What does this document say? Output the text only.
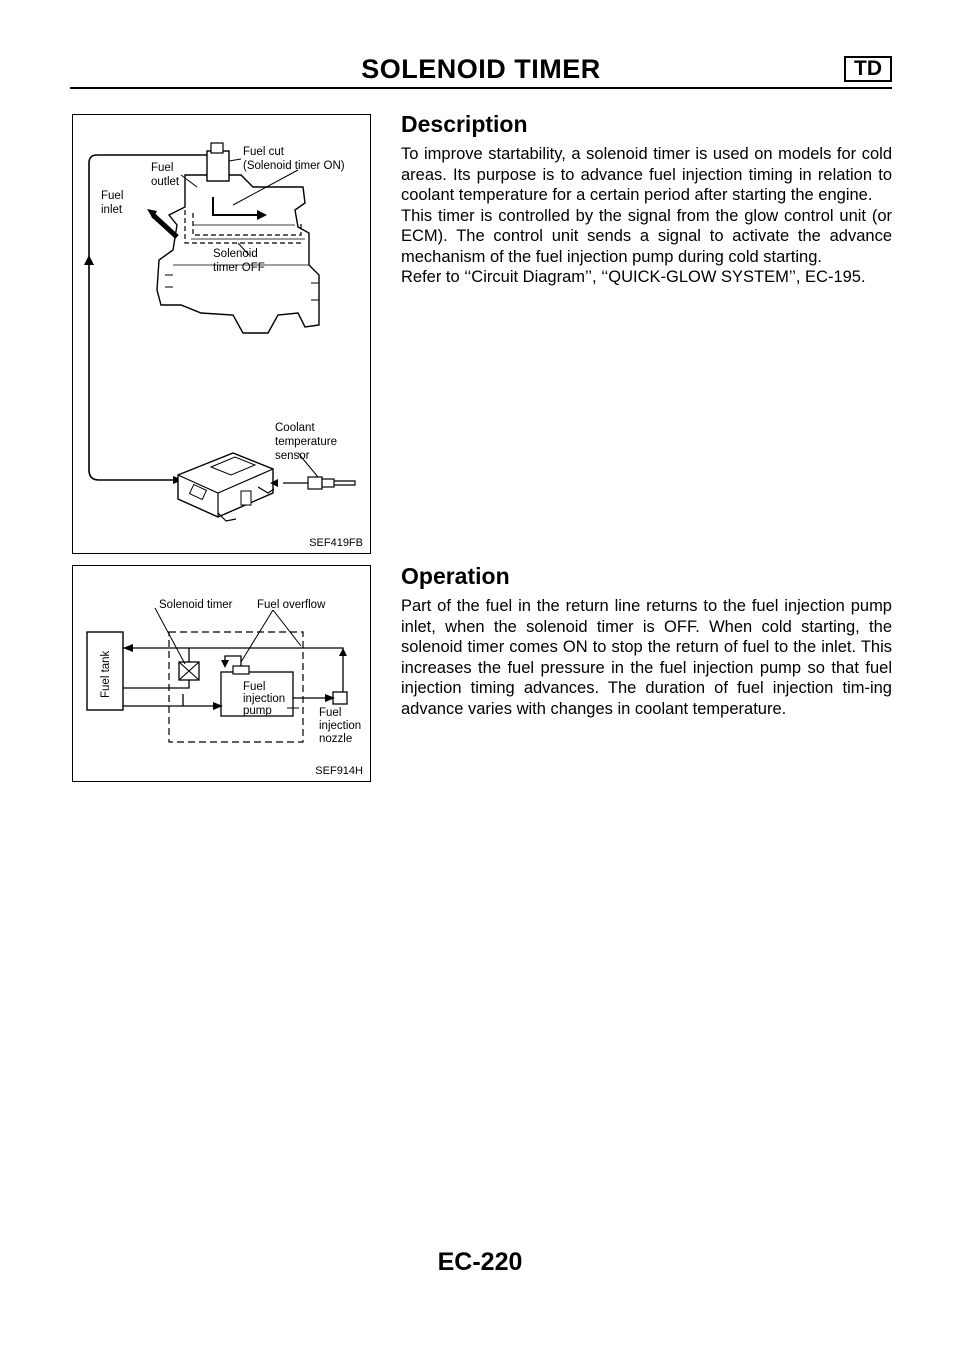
SOLENOID TIMER	TD
Fuel cut
(Solenoid timer ON)
Fuel
outlet
Fuel
inlet
Solenoid
timer OFF
Coolant
temperature
sensor
SEF419FB
Fuel tank
Solenoid timer Fuel overflow
Fuel
injection
pump	Fuel
injection
nozzle
SEF914H
Description

To improve startability, a solenoid timer is used on models for cold areas. Its purpose is to advance fuel injection timing in relation to coolant temperature for a certain period after starting the engine.

This timer is controlled by the signal from the glow control unit (or ECM). The control unit sends a signal to activate the advance mechanism of the fuel injection pump during cold starting.

Refer to ‘‘Circuit Diagram’’, ‘‘QUICK-GLOW SYSTEM’’, EC-195.

Operation

Part of the fuel in the return line returns to the fuel injection pump inlet, when the solenoid timer is OFF. When cold starting, the solenoid timer comes ON to stop the return of fuel to the inlet. This increases the fuel pressure in the fuel injection pump so that fuel injection timing advances. The duration of fuel injection tim-ing advance varies with changes in coolant temperature.

EC-220
